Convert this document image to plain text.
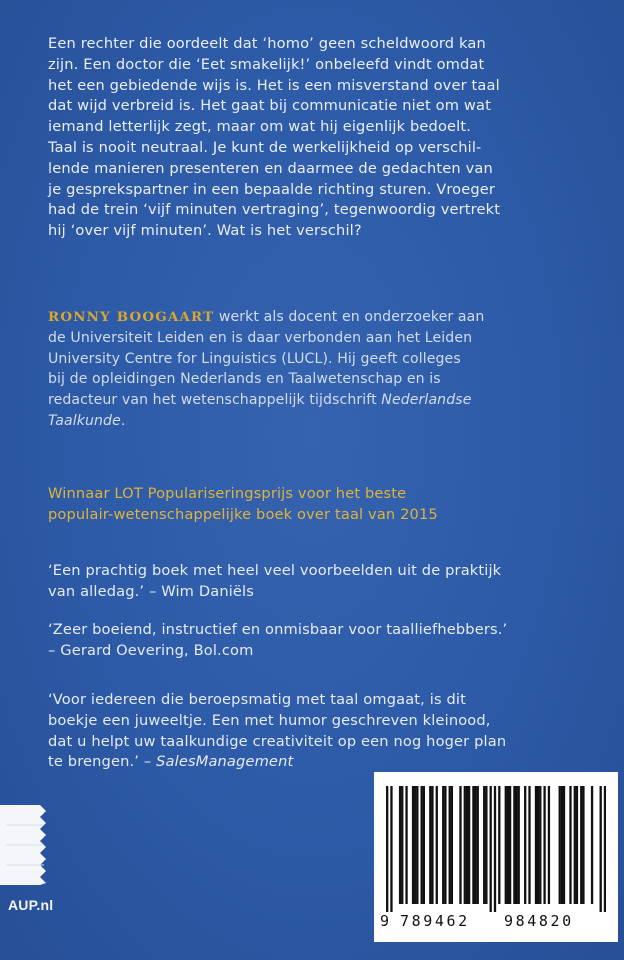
Een rechter die oordeelt dat ‘homo’ geen scheldwoord kan
zijn. Een doctor die ‘Eet smakelijk!’ onbeleefd vindt omdat
het een gebiedende wijs is. Het is een misverstand over taal
dat wijd verbreid is. Het gaat bij communicatie niet om wat
iemand letterlijk zegt, maar om wat hij eigenlijk bedoelt.
Taal is nooit neutraal. Je kunt de werkelijkheid op verschil-
lende manieren presenteren en daarmee de gedachten van
je gesprekspartner in een bepaalde richting sturen. Vroeger
had de trein ‘vijf minuten vertraging’, tegenwoordig vertrekt
hij ‘over vijf minuten’. Wat is het verschil?
RONNY BOOGAART werkt als docent en onderzoeker aan
de Universiteit Leiden en is daar verbonden aan het Leiden
University Centre for Linguistics (LUCL). Hij geeft colleges
bij de opleidingen Nederlands en Taalwetenschap en is
redacteur van het wetenschappelijk tijdschrift Nederlandse
Taalkunde.
Winnaar LOT Populariseringsprijs voor het beste
populair-wetenschappelijke boek over taal van 2015
‘Een prachtig boek met heel veel voorbeelden uit de praktijk
van alledag.’ – Wim Daniëls
‘Zeer boeiend, instructief en onmisbaar voor taalliefhebbers.’
– Gerard Oevering, Bol.com
‘Voor iedereen die beroepsmatig met taal omgaat, is dit
boekje een juweeltje. Een met humor geschreven kleinood,
dat u helpt uw taalkundige creativiteit op een nog hoger plan
te brengen.’ – SalesManagement
AUP.nl
9 789462 984820
